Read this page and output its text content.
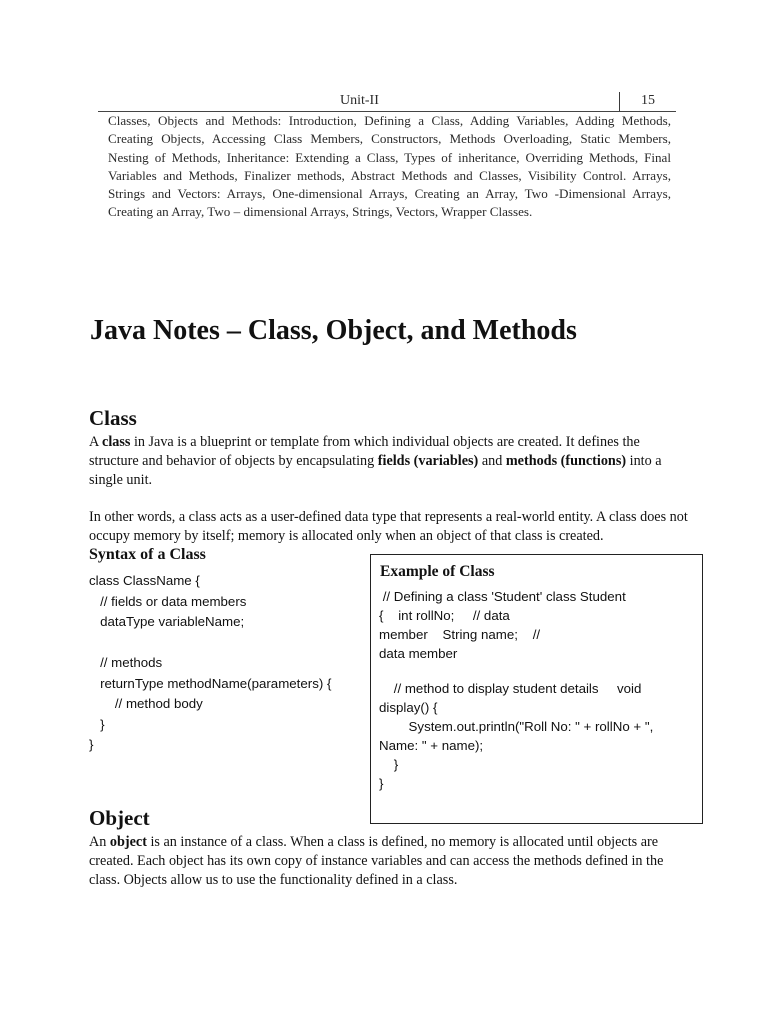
Unit-II	15
Classes, Objects and Methods: Introduction, Defining a Class, Adding Variables, Adding Methods, Creating Objects, Accessing Class Members, Constructors, Methods Overloading, Static Members, Nesting of Methods, Inheritance: Extending a Class, Types of inheritance, Overriding Methods, Final Variables and Methods, Finalizer methods, Abstract Methods and Classes, Visibility Control. Arrays, Strings and Vectors: Arrays, One-dimensional Arrays, Creating an Array, Two -Dimensional Arrays, Creating an Array, Two – dimensional Arrays, Strings, Vectors, Wrapper Classes.
Java Notes – Class, Object, and Methods
Class

A class in Java is a blueprint or template from which individual objects are created. It defines the structure and behavior of objects by encapsulating fields (variables) and methods (functions) into a single unit.

In other words, a class acts as a user-defined data type that represents a real-world entity. A class does not occupy memory by itself; memory is allocated only when an object of that class is created.

Syntax of a Class
class ClassName {
// fields or data members
dataType variableName;
// methods
returnType methodName(parameters) {
// method body
}
}
Example of Class
// Defining a class 'Student' class Student
{    int rollNo;     // data
member    String name;    //
data member
// method to display student details     void
display() {
System.out.println("Roll No: " + rollNo + ",
Name: " + name);
}
}
Object

An object is an instance of a class. When a class is defined, no memory is allocated until objects are created. Each object has its own copy of instance variables and can access the methods defined in the class. Objects allow us to use the functionality defined in a class.
